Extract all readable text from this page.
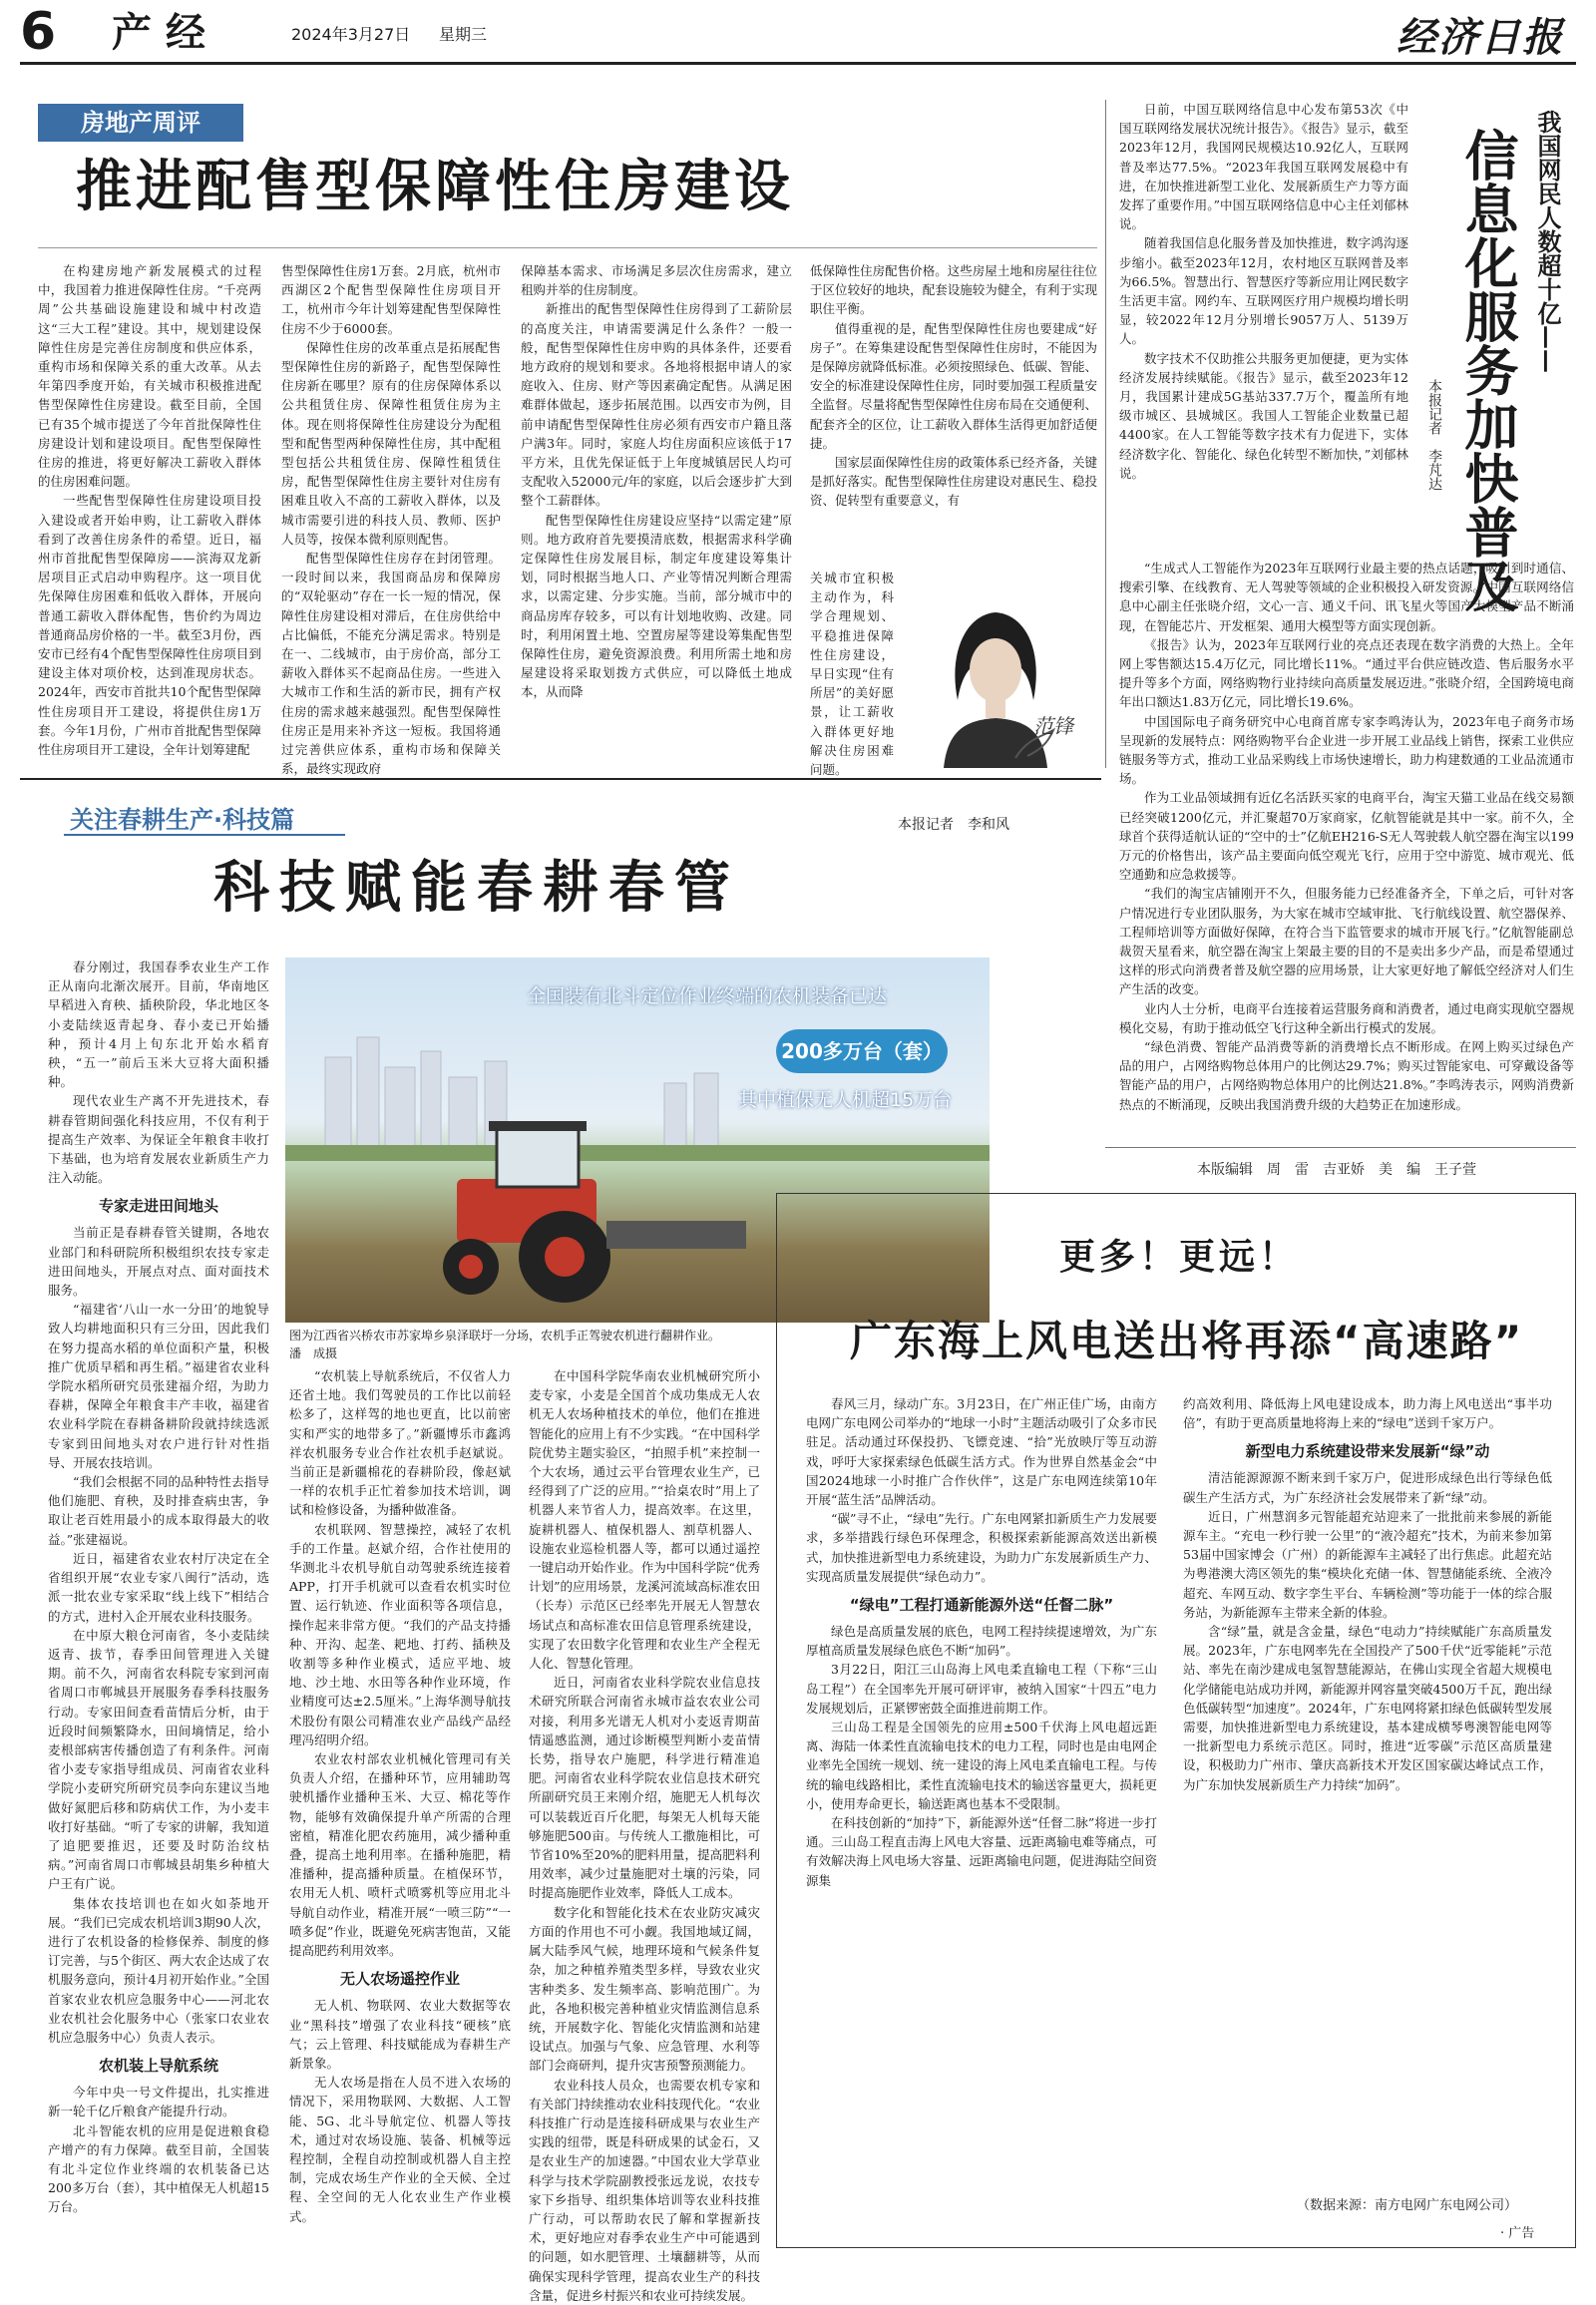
6 产经	2024年3月27日 星期三	经济日报
房地产周评
推进配售型保障性住房建设

在构建房地产新发展模式的过程中，我国着力推进保障性住房。“千亮两周”公共基础设施建设和城中村改造这“三大工程”建设。其中，规划建设保障性住房是完善住房制度和供应体系，重构市场和保障关系的重大改革。从去年第四季度开始，有关城市积极推进配售型保障性住房建设。截至目前，全国已有35个城市提送了今年首批保障性住房建设计划和建设项目。配售型保障性住房的推进，将更好解决工薪收入群体的住房困难问题。

一些配售型保障性住房建设项目投入建设或者开始申购，让工薪收入群体看到了改善住房条件的希望。近日，福州市首批配售型保障房——滨海双龙新居项目正式启动申购程序。这一项目优先保障住房困难和低收入群体，开展向普通工薪收入群体配售，售价约为周边普通商品房价格的一半。截至3月份，西安市已经有4个配售型保障性住房项目到建设主体对项价校，达到准现房状态。2024年，西安市首批共10个配售型保障性住房项目开工建设，将提供住房1万套。今年1月份，广州市首批配售型保障性住房项目开工建设，全年计划筹建配

售型保障性住房1万套。2月底，杭州市西湖区2个配售型保障性住房项目开工，杭州市今年计划筹建配售型保障性住房不少于6000套。

保障性住房的改革重点是拓展配售型保障性住房的新路子，配售型保障性住房新在哪里？原有的住房保障体系以公共租赁住房、保障性租赁住房为主体。现在则将保障性住房建设分为配租型和配售型两种保障性住房，其中配租型包括公共租赁住房、保障性租赁住房，配售型保障性住房主要针对住房有困难且收入不高的工薪收入群体，以及城市需要引进的科技人员、教师、医护人员等，按保本微利原则配售。

配售型保障性住房存在封闭管理。一段时间以来，我国商品房和保障房的“双轮驱动”存在一长一短的情况，保障性住房建设相对滞后，在住房供给中占比偏低，不能充分满足需求。特别是在一、二线城市，由于房价高，部分工薪收入群体买不起商品住房。一些进入大城市工作和生活的新市民，拥有产权住房的需求越来越强烈。配售型保障性住房正是用来补齐这一短板。我国将通过完善供应体系，重构市场和保障关系，最终实现政府

保障基本需求、市场满足多层次住房需求，建立租购并举的住房制度。

新推出的配售型保障性住房得到了工薪阶层的高度关注，申请需要满足什么条件？一般一般，配售型保障性住房申购的具体条件，还要看地方政府的规划和要求。各地将根据申请人的家庭收入、住房、财产等因素确定配售。从满足困难群体做起，逐步拓展范围。以西安市为例，目前申请配售型保障性住房必须有西安市户籍且落户满3年。同时，家庭人均住房面积应该低于17平方米，且优先保证低于上年度城镇居民人均可支配收入52000元/年的家庭，以后会逐步扩大到整个工薪群体。

配售型保障性住房建设应坚持“以需定建”原则。地方政府首先要摸清底数，根据需求科学确定保障性住房发展目标，制定年度建设筹集计划，同时根据当地人口、产业等情况判断合理需求，以需定建、分步实施。当前，部分城市中的商品房库存较多，可以有计划地收购、改建。同时，利用闲置土地、空置房屋等建设筹集配售型保障性住房，避免资源浪费。利用所需土地和房屋建设将采取划拨方式供应，可以降低土地成本，从而降

低保障性住房配售价格。这些房屋土地和房屋往往位于区位较好的地块，配套设施较为健全，有利于实现职住平衡。

值得重视的是，配售型保障性住房也要建成“好房子”。在筹集建设配售型保障性住房时，不能因为是保障房就降低标准。必须按照绿色、低碳、智能、安全的标准建设保障性住房，同时要加强工程质量安全监督。尽量将配售型保障性住房布局在交通便利、配套齐全的区位，让工薪收入群体生活得更加舒适便捷。

国家层面保障性住房的政策体系已经齐备，关键是抓好落实。配售型保障性住房建设对惠民生、稳投资、促转型有重要意义，有

关城市宜积极主动作为，科学合理规划、平稳推进保障性住房建设，早日实现“住有所居”的美好愿景，让工薪收入群体更好地解决住房困难问题。

范锋

日前，中国互联网络信息中心发布第53次《中国互联网络发展状况统计报告》。《报告》显示，截至2023年12月，我国网民规模达10.92亿人，互联网普及率达77.5%。“2023年我国互联网发展稳中有进，在加快推进新型工业化、发展新质生产力等方面发挥了重要作用。”中国互联网络信息中心主任刘郁林说。

随着我国信息化服务普及加快推进，数字鸿沟逐步缩小。截至2023年12月，农村地区互联网普及率为66.5%。智慧出行、智慧医疗等新应用让网民数字生活更丰富。网约车、互联网医疗用户规模均增长明显，较2022年12月分别增长9057万人、5139万人。

数字技术不仅助推公共服务更加便捷，更为实体经济发展持续赋能。《报告》显示，截至2023年12月，我国累计建成5G基站337.7万个，覆盖所有地级市城区、县城城区。我国人工智能企业数量已超4400家。在人工智能等数字技术有力促进下，实体经济数字化、智能化、绿色化转型不断加快，”刘郁林说。

我国网民人数超十亿——
信息化服务加快普及
本报记者　李芃达

“生成式人工智能作为2023年互联网行业最主要的热点话题，吸引到时通信、搜索引擎、在线教育、无人驾驶等领域的企业积极投入研发资源。”中国互联网络信息中心副主任张晓介绍，文心一言、通义千问、讯飞星火等国产大模型产品不断涌现，在智能芯片、开发框架、通用大模型等方面实现创新。

《报告》认为，2023年互联网行业的亮点还表现在数字消费的大热上。全年网上零售额达15.4万亿元，同比增长11%。“通过平台供应链改造、售后服务水平提升等多个方面，网络购物行业持续向高质量发展迈进。”张晓介绍，全国跨境电商年出口额达1.83万亿元，同比增长19.6%。

中国国际电子商务研究中心电商首席专家李鸣涛认为，2023年电子商务市场呈现新的发展特点：网络购物平台企业进一步开展工业品线上销售，探索工业供应链服务等方式，推动工业品采购线上市场快速增长，助力构建数通的工业品流通市场。

作为工业品领域拥有近亿名活跃买家的电商平台，淘宝天猫工业品在线交易额已经突破1200亿元，并汇聚超70万家商家，亿航智能就是其中一家。前不久，全球首个获得适航认证的“空中的士”亿航EH216-S无人驾驶载人航空器在淘宝以199万元的价格售出，该产品主要面向低空观光飞行，应用于空中游览、城市观光、低空通勤和应急救援等。

“我们的淘宝店铺刚开不久，但服务能力已经准备齐全，下单之后，可针对客户情况进行专业团队服务，为大家在城市空域审批、飞行航线设置、航空器保养、工程师培训等方面做好保障，在符合当下监管要求的城市开展飞行。”亿航智能副总裁贺天星看来，航空器在淘宝上架最主要的目的不是卖出多少产品，而是希望通过这样的形式向消费者普及航空器的应用场景，让大家更好地了解低空经济对人们生产生活的改变。

业内人士分析，电商平台连接着运营服务商和消费者，通过电商实现航空器规模化交易，有助于推动低空飞行这种全新出行模式的发展。

“绿色消费、智能产品消费等新的消费增长点不断形成。在网上购买过绿色产品的用户，占网络购物总体用户的比例达29.7%；购买过智能家电、可穿戴设备等智能产品的用户，占网络购物总体用户的比例达21.8%。”李鸣涛表示，网购消费新热点的不断涌现，反映出我国消费升级的大趋势正在加速形成。

本版编辑　周　雷　吉亚娇　美　编　王子萱
关注春耕生产·科技篇	本报记者　李和风
科技赋能春耕春管
全国装有北斗定位作业终端的农机装备已达
200多万台（套）
其中植保无人机超15万台
图为江西省兴桥农市苏家埠乡泉泽联圩一分场，农机手正驾驶农机进行翻耕作业。　潘　成摄

春分刚过，我国春季农业生产工作正从南向北渐次展开。目前，华南地区早稻进入育秧、插秧阶段，华北地区冬小麦陆续返青起身、春小麦已开始播种，预计4月上旬东北开始水稻育秧，“五一”前后玉米大豆将大面积播种。

现代农业生产离不开先进技术，春耕春管期间强化科技应用，不仅有利于提高生产效率、为保证全年粮食丰收打下基础，也为培育发展农业新质生产力注入动能。

专家走进田间地头

当前正是春耕春管关键期，各地农业部门和科研院所积极组织农技专家走进田间地头，开展点对点、面对面技术服务。

“福建省‘八山一水一分田’的地貌导致人均耕地面积只有三分田，因此我们在努力提高水稻的单位面积产量，积极推广优质早稻和再生稻。”福建省农业科学院水稻所研究员张建福介绍，为助力春耕，保障全年粮食丰产丰收，福建省农业科学院在春耕备耕阶段就持续选派专家到田间地头对农户进行针对性指导、开展农技培训。

“我们会根据不同的品种特性去指导他们施肥、育秧，及时排查病虫害，争取让老百姓用最小的成本取得最大的收益。”张建福说。

近日，福建省农业农村厅决定在全省组织开展“农业专家八闽行”活动，选派一批农业专家采取“线上线下”相结合的方式，进村入企开展农业科技服务。

在中原大粮仓河南省，冬小麦陆续返青、拔节，春季田间管理进入关键期。前不久，河南省农科院专家到河南省周口市郸城县开展服务春季科技服务行动。专家田间查看苗情后分析，由于近段时间频繁降水，田间墒情足，给小麦根部病害传播创造了有利条件。河南省小麦专家指导组成员、河南省农业科学院小麦研究所研究员李向东建议当地做好氮肥后移和防病伏工作，为小麦丰收打好基础。“听了专家的讲解，我知道了追肥要推迟，还要及时防治纹枯病。”河南省周口市郸城县胡集乡种植大户王有广说。

集体农技培训也在如火如荼地开展。“我们已完成农机培训3期90人次，进行了农机设备的检修保养、制度的修订完善，与5个街区、两大农企达成了农机服务意向，预计4月初开始作业。”全国首家农业农机应急服务中心——河北农业农机社会化服务中心（张家口农业农机应急服务中心）负责人表示。

农机装上导航系统

今年中央一号文件提出，扎实推进新一轮千亿斤粮食产能提升行动。

北斗智能农机的应用是促进粮食稳产增产的有力保障。截至目前，全国装有北斗定位作业终端的农机装备已达200多万台（套），其中植保无人机超15万台。

“农机装上导航系统后，不仅省人力还省土地。我们驾驶员的工作比以前轻松多了，这样驾的地也更直，比以前密实和严实的地带多了。”新疆博乐市鑫鸿祥农机服务专业合作社农机手赵斌说。当前正是新疆棉花的春耕阶段，像赵斌一样的农机手正忙着参加技术培训，调试和检修设备，为播种做准备。

农机联网、智慧操控，减轻了农机手的工作量。赵斌介绍，合作社使用的华测北斗农机导航自动驾驶系统连接着APP，打开手机就可以查看农机实时位置、运行轨迹、作业面积等各项信息，操作起来非常方便。“我们的产品支持播种、开沟、起垄、耙地、打药、插秧及收割等多种作业模式，适应平地、坡地、沙土地、水田等各种作业环境，作业精度可达±2.5厘米。”上海华测导航技术股份有限公司精准农业产品线产品经理冯绍明介绍。

农业农村部农业机械化管理司有关负责人介绍，在播种环节，应用辅助驾驶机播作业播种玉米、大豆、棉花等作物，能够有效确保提升单产所需的合理密植，精准化肥农药施用，减少播种重叠，提高土地利用率。在播种施肥，精准播种，提高播种质量。在植保环节，农用无人机、喷杆式喷雾机等应用北斗导航自动作业，精准开展“一喷三防”“一喷多促”作业，既避免死病害饱苗，又能提高肥药利用效率。

无人农场遥控作业

无人机、物联网、农业大数据等农业“黑科技”增强了农业科技“硬核”底气；云上管理、科技赋能成为春耕生产新景象。

无人农场是指在人员不进入农场的情况下，采用物联网、大数据、人工智能、5G、北斗导航定位、机器人等技术，通过对农场设施、装备、机械等远程控制，全程自动控制或机器人自主控制，完成农场生产作业的全天候、全过程、全空间的无人化农业生产作业模式。

在中国科学院华南农业机械研究所小麦专家，小麦是全国首个成功集成无人农机无人农场种植技术的单位，他们在推进智能化的应用上有不少实践。“在中国科学院优势主题实验区，“拍照手机”来控制一个大农场，通过云平台管理农业生产，已经得到了广泛的应用。”“拾桌农时”用上了机器人来节省人力，提高效率。在这里，旋耕机器人、植保机器人、割草机器人、设施农业巡检机器人等，都可以通过遥控一键启动开始作业。作为中国科学院“优秀计划”的应用场景，龙溪河流域高标准农田（长寿）示范区已经率先开展无人智慧农场试点和高标准农田信息管理系统建设，实现了农田数字化管理和农业生产全程无人化、智慧化管理。

近日，河南省农业科学院农业信息技术研究所联合河南省永城市益农农业公司对接，利用多光谱无人机对小麦返青期苗情遥感监测，通过诊断模型判断小麦苗情长势，指导农户施肥，科学进行精准追肥。河南省农业科学院农业信息技术研究所副研究员王来刚介绍，施肥无人机每次可以装载近百斤化肥，每架无人机每天能够施肥500亩。与传统人工撒施相比，可节省10%至20%的肥料用量，提高肥料利用效率，减少过量施肥对土壤的污染，同时提高施肥作业效率，降低人工成本。

数字化和智能化技术在农业防灾减灾方面的作用也不可小觑。我国地域辽阔，属大陆季风气候，地理环境和气候条件复杂，加之种植养殖类型多样，导致农业灾害种类多、发生频率高、影响范围广。为此，各地积极完善种植业灾情监测信息系统，开展数字化、智能化灾情监测和站建设试点。加强与气象、应急管理、水利等部门会商研判，提升灾害预警预测能力。

农业科技人员众，也需要农机专家和有关部门持续推动农业科技现代化。“农业科技推广行动是连接科研成果与农业生产实践的纽带，既是科研成果的试金石，又是农业生产的加速器。”中国农业大学草业科学与技术学院副教授张远龙说，农技专家下乡指导、组织集体培训等农业科技推广行动，可以帮助农民了解和掌握新技术，更好地应对春季农业生产中可能遇到的问题，如水肥管理、土壤翻耕等，从而确保实现科学管理，提高农业生产的科技含量，促进乡村振兴和农业可持续发展。

更多！更远！
广东海上风电送出将再添“高速路”

春风三月，绿动广东。3月23日，在广州正佳广场，由南方电网广东电网公司举办的“地球一小时”主题活动吸引了众多市民驻足。活动通过环保投扔、飞镖竞速、“拾”光放映厅等互动游戏，呼吁大家探索绿色低碳生活方式。作为世界自然基金会“中国2024地球一小时推广合作伙伴”，这是广东电网连续第10年开展“蓝生活”品牌活动。

“碳”寻不止，“绿电”先行。广东电网紧扣新质生产力发展要求，多举措践行绿色环保理念，积极探索新能源高效送出新模式，加快推进新型电力系统建设，为助力广东发展新质生产力、实现高质量发展提供“绿色动力”。

“绿电”工程打通新能源外送“任督二脉”

绿色是高质量发展的底色，电网工程持续提速增效，为广东厚植高质量发展绿色底色不断“加码”。

3月22日，阳江三山岛海上风电柔直输电工程（下称“三山岛工程”）在全国率先开展可研评审，被纳入国家“十四五”电力发展规划后，正紧锣密鼓全面推进前期工作。

三山岛工程是全国领先的应用±500千伏海上风电超远距离、海陆一体柔性直流输电技术的电力工程，同时也是由电网企业率先全国统一规划、统一建设的海上风电柔直输电工程。与传统的输电线路相比，柔性直流输电技术的输送容量更大，损耗更小，使用寿命更长，输送距离也基本不受限制。

在科技创新的“加持”下，新能源外送“任督二脉”将进一步打通。三山岛工程直击海上风电大容量、远距离输电难等痛点，可有效解决海上风电场大容量、远距离输电问题，促进海陆空间资源集

约高效利用、降低海上风电建设成本，助力海上风电送出“事半功倍”，有助于更高质量地将海上来的“绿电”送到千家万户。

新型电力系统建设带来发展新“绿”动

清洁能源源源不断来到千家万户，促进形成绿色出行等绿色低碳生产生活方式，为广东经济社会发展带来了新“绿”动。

近日，广州慧润多元智能超充站迎来了一批批前来参展的新能源车主。“充电一秒行驶一公里”的“液冷超充”技术，为前来参加第53届中国家博会（广州）的新能源车主减轻了出行焦虑。此超充站为粤港澳大湾区领先的集“模块化充储一体、智慧储能系统、全液冷超充、车网互动、数字孪生平台、车辆检测”等功能于一体的综合服务站，为新能源车主带来全新的体验。

含“绿”量，就是含金量，绿色“电动力”持续赋能广东高质量发展。2023年，广东电网率先在全国投产了500千伏“近零能耗”示范站、率先在南沙建成电氢智慧能源站，在佛山实现全省超大规模电化学储能电站成功并网，新能源并网容量突破4500万千瓦，跑出绿色低碳转型“加速度”。2024年，广东电网将紧扣绿色低碳转型发展需要，加快推进新型电力系统建设，基本建成横琴粤澳智能电网等一批新型电力系统示范区。同时，推进“近零碳”示范区高质量建设，积极助力广州市、肇庆高新技术开发区国家碳达峰试点工作，为广东加快发展新质生产力持续“加码”。

（数据来源：南方电网广东电网公司）
· 广告
